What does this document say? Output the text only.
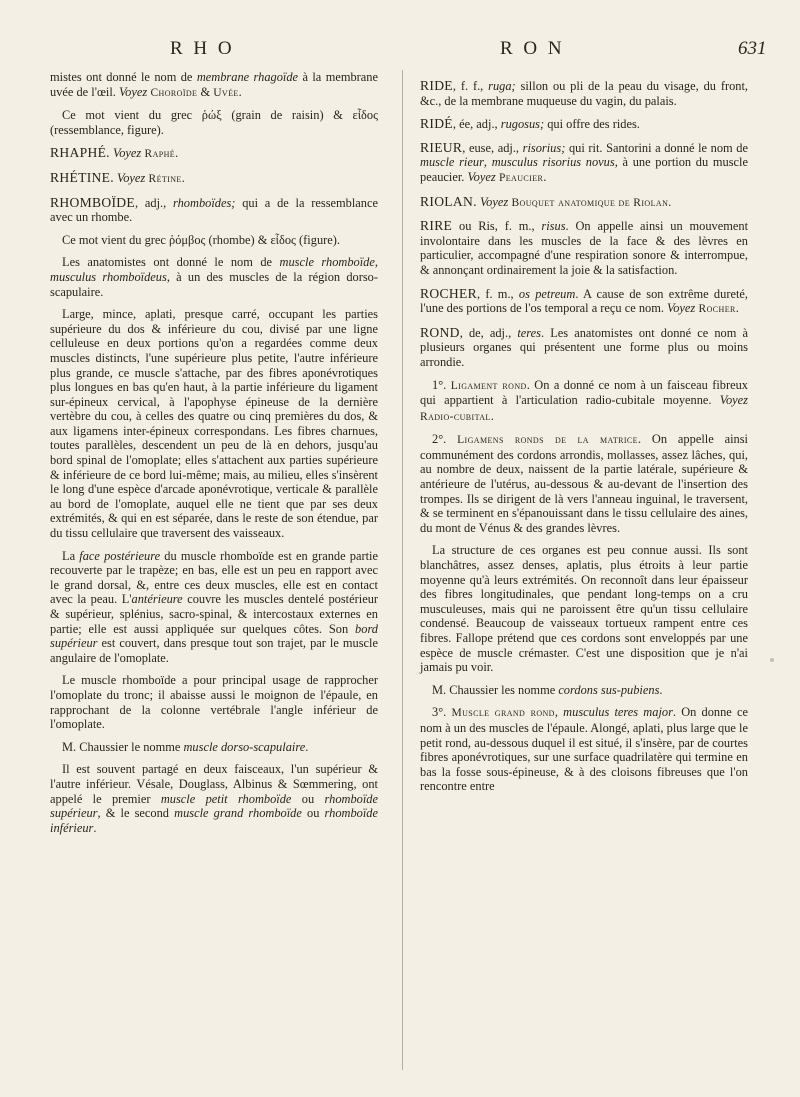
R H O	R O N	631

mistes ont donné le nom de membrane rhagoïde à la membrane uvée de l'œil. Voyez Choroïde & Uvée.

Ce mot vient du grec ῥώξ (grain de raisin) & εἶδος (ressemblance, figure).

RHAPHÉ. Voyez Raphé.

RHÉTINE. Voyez Rétine.

RHOMBOÏDE, adj., rhomboïdes; qui a de la ressemblance avec un rhombe.

Ce mot vient du grec ῥόμβος (rhombe) & εἶδος (figure).

Les anatomistes ont donné le nom de muscle rhomboïde, musculus rhomboïdeus, à un des muscles de la région dorso-scapulaire.

Large, mince, aplati, presque carré, occupant les parties supérieure du dos & inférieure du cou, divisé par une ligne celluleuse en deux portions qu'on a regardées comme deux muscles distincts, l'une supérieure plus petite, l'autre inférieure plus grande, ce muscle s'attache, par des fibres aponévrotiques plus longues en bas qu'en haut, à la partie inférieure du ligament sur-épineux cervical, à l'apophyse épineuse de la dernière vertèbre du cou, à celles des quatre ou cinq premières du dos, & aux ligamens inter-épineux correspondans. Les fibres charnues, toutes parallèles, descendent un peu de là en dehors, jusqu'au bord spinal de l'omoplate; elles s'attachent aux parties supérieure & inférieure de ce bord lui-même; mais, au milieu, elles s'insèrent le long d'une espèce d'arcade aponévrotique, verticale & parallèle au bord de l'omoplate, auquel elle ne tient que par ses deux extrémités, & qui en est séparée, dans le reste de son étendue, par du tissu cellulaire que traversent des vaisseaux.

La face postérieure du muscle rhomboïde est en grande partie recouverte par le trapèze; en bas, elle est un peu en rapport avec le grand dorsal, &, entre ces deux muscles, elle est en contact avec la peau. L'antérieure couvre les muscles dentelé postérieur & supérieur, splénius, sacro-spinal, & intercostaux externes en partie; elle est aussi appliquée sur quelques côtes. Son bord supérieur est couvert, dans presque tout son trajet, par le muscle angulaire de l'omoplate.

Le muscle rhomboïde a pour principal usage de rapprocher l'omoplate du tronc; il abaisse aussi le moignon de l'épaule, en rapprochant de la colonne vertébrale l'angle inférieur de l'omoplate.

M. Chaussier le nomme muscle dorso-scapulaire.

Il est souvent partagé en deux faisceaux, l'un supérieur & l'autre inférieur. Vésale, Douglass, Albinus & Sœmmering, ont appelé le premier muscle petit rhomboïde ou rhomboïde supérieur, & le second muscle grand rhomboïde ou rhomboïde inférieur.

RIDE, f. f., ruga; sillon ou pli de la peau du visage, du front, &c., de la membrane muqueuse du vagin, du palais.

RIDÉ, ée, adj., rugosus; qui offre des rides.

RIEUR, euse, adj., risorius; qui rit. Santorini a donné le nom de muscle rieur, musculus risorius novus, à une portion du muscle peaucier. Voyez Peaucier.

RIOLAN. Voyez Bouquet anatomique de Riolan.

RIRE ou Ris, f. m., risus. On appelle ainsi un mouvement involontaire dans les muscles de la face & des lèvres en particulier, accompagné d'une respiration sonore & interrompue, & annonçant ordinairement la joie & la satisfaction.

ROCHER, f. m., os petreum. A cause de son extrême dureté, l'une des portions de l'os temporal a reçu ce nom. Voyez Rocher.

ROND, de, adj., teres. Les anatomistes ont donné ce nom à plusieurs organes qui présentent une forme plus ou moins arrondie.

1°. Ligament rond. On a donné ce nom à un faisceau fibreux qui appartient à l'articulation radio-cubitale moyenne. Voyez Radio-cubital.

2°. Ligamens ronds de la matrice. On appelle ainsi communément des cordons arrondis, mollasses, assez lâches, qui, au nombre de deux, naissent de la partie latérale, supérieure & antérieure de l'utérus, au-dessous & au-devant de l'insertion des trompes. Ils se dirigent de là vers l'anneau inguinal, le traversent, & se terminent en s'épanouissant dans le tissu cellulaire des aines, du mont de Vénus & des grandes lèvres.

La structure de ces organes est peu connue aussi. Ils sont blanchâtres, assez denses, aplatis, plus étroits à leur partie moyenne qu'à leurs extrémités. On reconnoît dans leur épaisseur des fibres longitudinales, que pendant long-temps on a cru musculeuses, mais qui ne paroissent être qu'un tissu cellulaire condensé. Beaucoup de vaisseaux tortueux rampent entre ces fibres. Fallope prétend que ces cordons sont enveloppés par une espèce de muscle crémaster. C'est une disposition que je n'ai jamais pu voir.

M. Chaussier les nomme cordons sus-pubiens.

3°. Muscle grand rond, musculus teres major. On donne ce nom à un des muscles de l'épaule. Alongé, aplati, plus large que le petit rond, au-dessous duquel il est situé, il s'insère, par de courtes fibres aponévrotiques, sur une surface quadrilatère qui termine en bas la fosse sous-épineuse, & à des cloisons fibreuses que l'on rencontre entre
